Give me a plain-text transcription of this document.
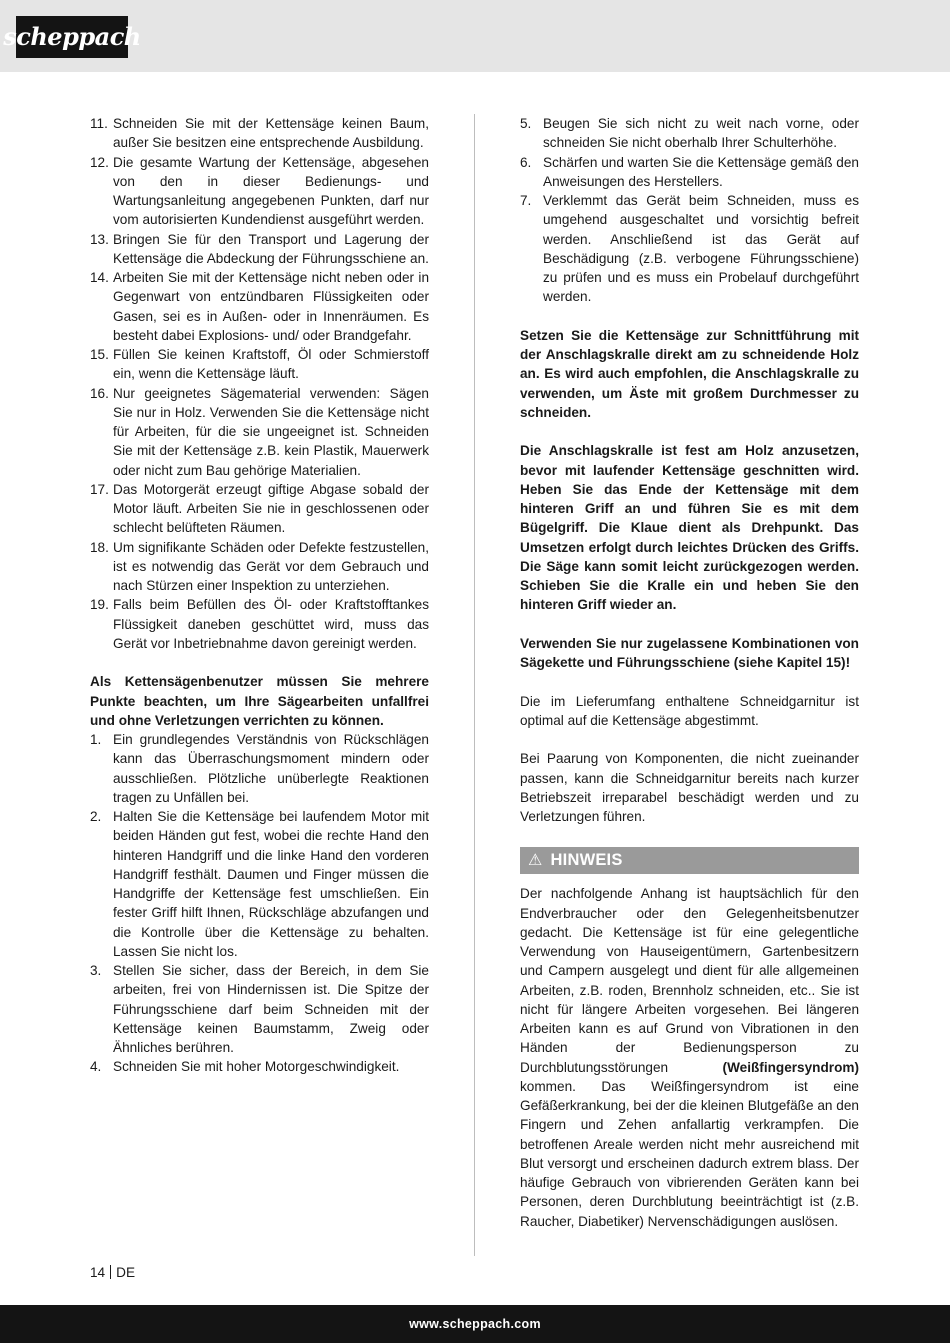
scheppach
11. Schneiden Sie mit der Kettensäge keinen Baum, außer Sie besitzen eine entsprechende Ausbildung.
12. Die gesamte Wartung der Kettensäge, abgesehen von den in dieser Bedienungs- und Wartungsanleitung angegebenen Punkten, darf nur vom autorisierten Kundendienst ausgeführt werden.
13. Bringen Sie für den Transport und Lagerung der Kettensäge die Abdeckung der Führungsschiene an.
14. Arbeiten Sie mit der Kettensäge nicht neben oder in Gegenwart von entzündbaren Flüssigkeiten oder Gasen, sei es in Außen- oder in Innenräumen. Es besteht dabei Explosions- und/ oder Brandgefahr.
15. Füllen Sie keinen Kraftstoff, Öl oder Schmierstoff ein, wenn die Kettensäge läuft.
16. Nur geeignetes Sägematerial verwenden: Sägen Sie nur in Holz. Verwenden Sie die Kettensäge nicht für Arbeiten, für die sie ungeeignet ist. Schneiden Sie mit der Kettensäge z.B. kein Plastik, Mauerwerk oder nicht zum Bau gehörige Materialien.
17. Das Motorgerät erzeugt giftige Abgase sobald der Motor läuft. Arbeiten Sie nie in geschlossenen oder schlecht belüfteten Räumen.
18. Um signifikante Schäden oder Defekte festzustellen, ist es notwendig das Gerät vor dem Gebrauch und nach Stürzen einer Inspektion zu unterziehen.
19. Falls beim Befüllen des Öl- oder Kraftstofftankes Flüssigkeit daneben geschüttet wird, muss das Gerät vor Inbetriebnahme davon gereinigt werden.

Als Kettensägenbenutzer müssen Sie mehrere Punkte beachten, um Ihre Sägearbeiten unfallfrei und ohne Verletzungen verrichten zu können.

1. Ein grundlegendes Verständnis von Rückschlägen kann das Überraschungsmoment mindern oder ausschließen. Plötzliche unüberlegte Reaktionen tragen zu Unfällen bei.
2. Halten Sie die Kettensäge bei laufendem Motor mit beiden Händen gut fest, wobei die rechte Hand den hinteren Handgriff und die linke Hand den vorderen Handgriff festhält. Daumen und Finger müssen die Handgriffe der Kettensäge fest umschließen. Ein fester Griff hilft Ihnen, Rückschläge abzufangen und die Kontrolle über die Kettensäge zu behalten. Lassen Sie nicht los.
3. Stellen Sie sicher, dass der Bereich, in dem Sie arbeiten, frei von Hindernissen ist. Die Spitze der Führungsschiene darf beim Schneiden mit der Kettensäge keinen Baumstamm, Zweig oder Ähnliches berühren.
4. Schneiden Sie mit hoher Motorgeschwindigkeit.
5. Beugen Sie sich nicht zu weit nach vorne, oder schneiden Sie nicht oberhalb Ihrer Schulterhöhe.
6. Schärfen und warten Sie die Kettensäge gemäß den Anweisungen des Herstellers.
7. Verklemmt das Gerät beim Schneiden, muss es umgehend ausgeschaltet und vorsichtig befreit werden. Anschließend ist das Gerät auf Beschädigung (z.B. verbogene Führungsschiene) zu prüfen und es muss ein Probelauf durchgeführt werden.

Setzen Sie die Kettensäge zur Schnittführung mit der Anschlagskralle direkt am zu schneidende Holz an. Es wird auch empfohlen, die Anschlagskralle zu verwenden, um Äste mit großem Durchmesser zu schneiden.

Die Anschlagskralle ist fest am Holz anzusetzen, bevor mit laufender Kettensäge geschnitten wird. Heben Sie das Ende der Kettensäge mit dem hinteren Griff an und führen Sie es mit dem Bügelgriff. Die Klaue dient als Drehpunkt. Das Umsetzen erfolgt durch leichtes Drücken des Griffs. Die Säge kann somit leicht zurückgezogen werden. Schieben Sie die Kralle ein und heben Sie den hinteren Griff wieder an.

Verwenden Sie nur zugelassene Kombinationen von Sägekette und Führungsschiene (siehe Kapitel 15)!

Die im Lieferumfang enthaltene Schneidgarnitur ist optimal auf die Kettensäge abgestimmt.

Bei Paarung von Komponenten, die nicht zueinander passen, kann die Schneidgarnitur bereits nach kurzer Betriebszeit irreparabel beschädigt werden und zu Verletzungen führen.

⚠ HINWEIS

Der nachfolgende Anhang ist hauptsächlich für den Endverbraucher oder den Gelegenheitsbenutzer gedacht. Die Kettensäge ist für eine gelegentliche Verwendung von Hauseigentümern, Gartenbesitzern und Campern ausgelegt und dient für alle allgemeinen Arbeiten, z.B. roden, Brennholz schneiden, etc.. Sie ist nicht für längere Arbeiten vorgesehen. Bei längeren Arbeiten kann es auf Grund von Vibrationen in den Händen der Bedienungsperson zu Durchblutungsstörungen (Weißfingersyndrom) kommen. Das Weißfingersyndrom ist eine Gefäßerkrankung, bei der die kleinen Blutgefäße an den Fingern und Zehen anfallartig verkrampfen. Die betroffenen Areale werden nicht mehr ausreichend mit Blut versorgt und erscheinen dadurch extrem blass. Der häufige Gebrauch von vibrierenden Geräten kann bei Personen, deren Durchblutung beeinträchtigt ist (z.B. Raucher, Diabetiker) Nervenschädigungen auslösen.

14 DE
www.scheppach.com
